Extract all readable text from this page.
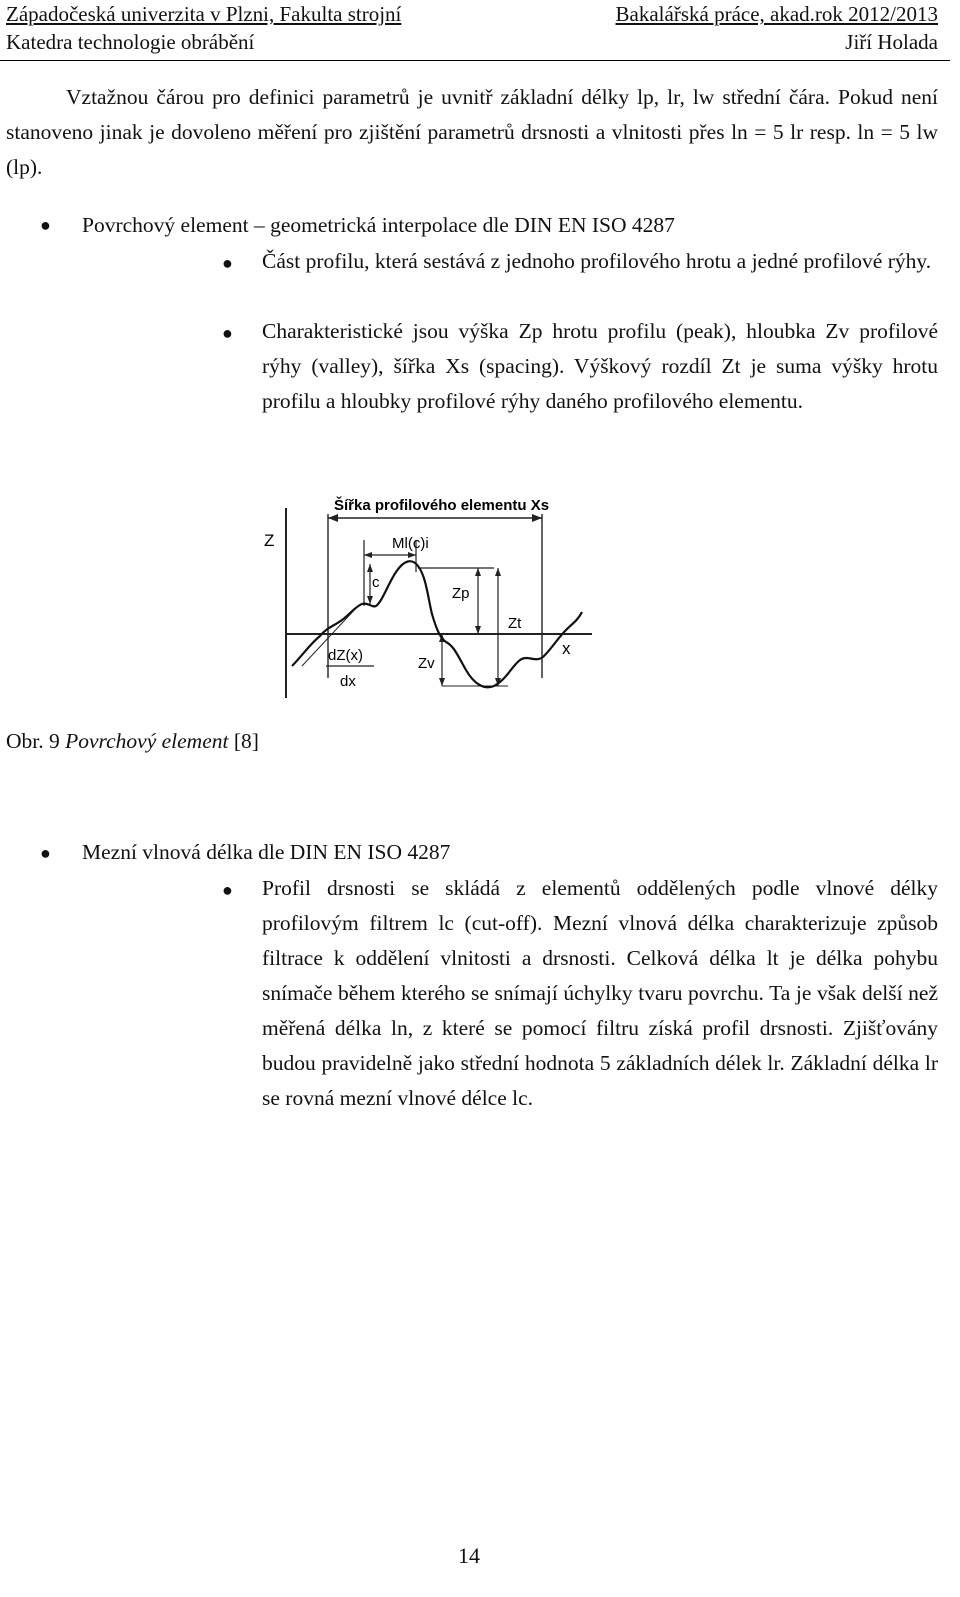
Západočeská univerzita v Plzni, Fakulta strojní	Bakalářská práce, akad.rok 2012/2013
Katedra technologie obrábění	Jiří Holada

Vztažnou čárou pro definici parametrů je uvnitř základní délky lp, lr, lw střední čára. Pokud není stanoveno jinak je dovoleno měření pro zjištění parametrů drsnosti a vlnitosti přes ln = 5 lr resp. ln = 5 lw (lp).

● Povrchový element – geometrická interpolace dle DIN EN ISO 4287

● Část profilu, která sestává z jednoho profilového hrotu a jedné profilové rýhy.

● Charakteristické jsou výška Zp hrotu profilu (peak), hloubka Zv profilové rýhy (valley), šířka Xs (spacing). Výškový rozdíl Zt je suma výšky hrotu profilu a hloubky profilové rýhy daného profilového elementu.

Z
x
Šířka profilového elementu Xs
Ml(c)i
c
Zp
Zt
Zv
dZ(x)
dx
Obr. 9 Povrchový element [8]
● Mezní vlnová délka dle DIN EN ISO 4287

● Profil drsnosti se skládá z elementů oddělených podle vlnové délky profilovým filtrem lc (cut-off). Mezní vlnová délka charakterizuje způsob filtrace k oddělení vlnitosti a drsnosti. Celková délka lt je délka pohybu snímače během kterého se snímají úchylky tvaru povrchu. Ta je však delší než měřená délka ln, z které se pomocí filtru získá profil drsnosti. Zjišťovány budou pravidelně jako střední hodnota 5 základních délek lr. Základní délka lr se rovná mezní vlnové délce lc.

14
